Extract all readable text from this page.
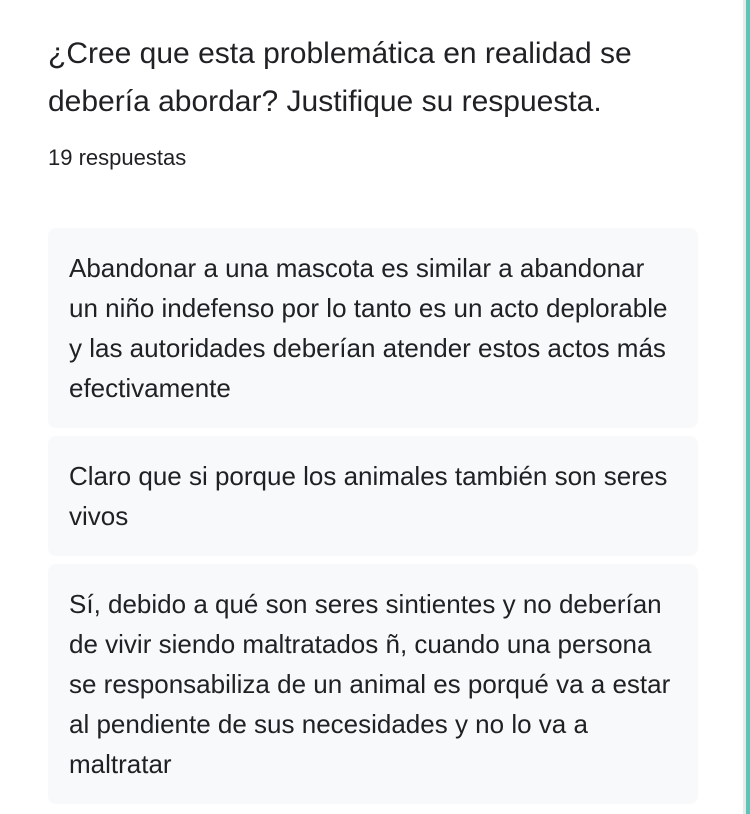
¿Cree que esta problemática en realidad se debería abordar? Justifique su respuesta.
19 respuestas
Abandonar a una mascota es similar a abandonar un niño indefenso por lo tanto es un acto deplorable y las autoridades deberían atender estos actos más efectivamente
Claro que si porque los animales también son seres vivos
Sí, debido a qué son seres sintientes y no deberían de vivir siendo maltratados ñ, cuando una persona se responsabiliza de un animal es porqué va a estar al pendiente de sus necesidades y no lo va a maltratar
